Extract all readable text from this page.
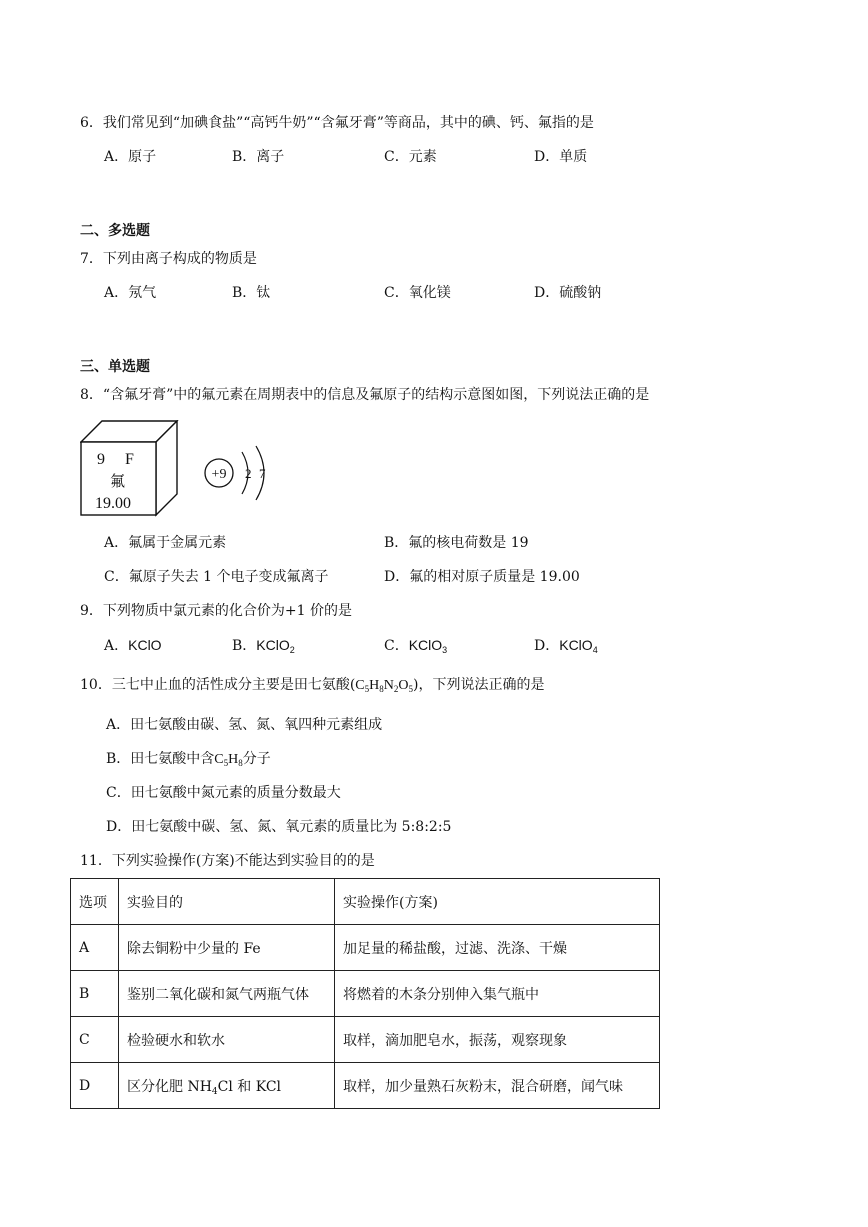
6．我们常见到“加碘食盐”“高钙牛奶”“含氟牙膏”等商品，其中的碘、钙、氟指的是
A．原子	B．离子	C．元素	D．单质
二、多选题
7．下列由离子构成的物质是
A．氖气	B．钛	C．氧化镁	D．硫酸钠
三、单选题
8．“含氟牙膏”中的氟元素在周期表中的信息及氟原子的结构示意图如图，下列说法正确的是
9 F
氟
19.00
+9 2 7
A．氟属于金属元素	B．氟的核电荷数是 19
C．氟原子失去 1 个电子变成氟离子	D．氟的相对原子质量是 19.00
9．下列物质中氯元素的化合价为+1 价的是
A．KClO	B．KClO$_2$	C．KClO$_3$	D．KClO$_4$
10．三七中止血的活性成分主要是田七氨酸$(C_5H_8N_2O_5)$，下列说法正确的是
A．田七氨酸由碳、氢、氮、氧四种元素组成
B．田七氨酸中含$C_5H_8$分子
C．田七氨酸中氮元素的质量分数最大
D．田七氨酸中碳、氢、氮、氧元素的质量比为 5:8:2:5
11．下列实验操作(方案)不能达到实验目的的是
选项	实验目的	实验操作(方案)
A	除去铜粉中少量的 Fe	加足量的稀盐酸，过滤、洗涤、干燥
B	鉴别二氧化碳和氮气两瓶气体	将燃着的木条分别伸入集气瓶中
C	检验硬水和软水	取样，滴加肥皂水，振荡，观察现象
D	区分化肥 $NH_4Cl$ 和 KCl	取样，加少量熟石灰粉末，混合研磨，闻气味
